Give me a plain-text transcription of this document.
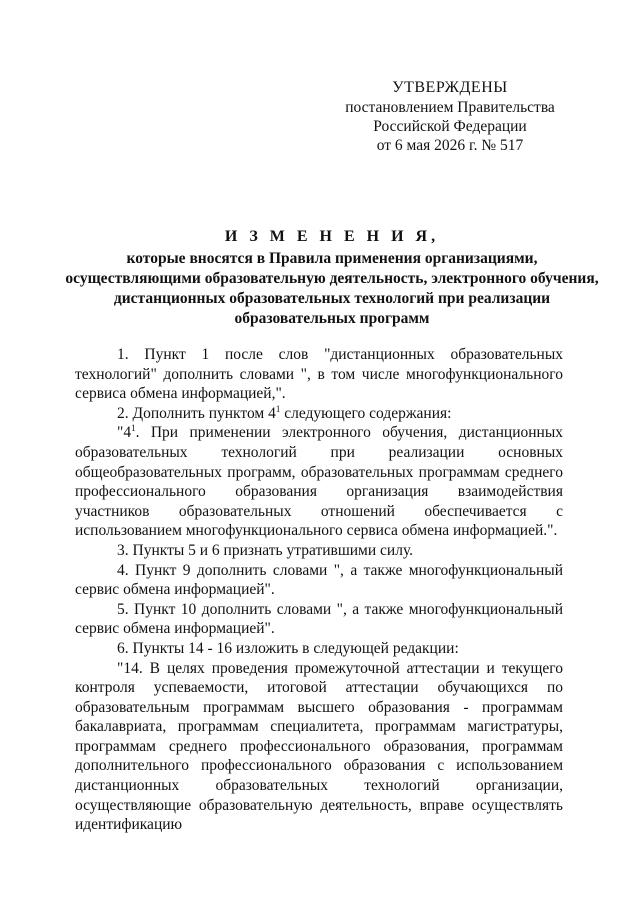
УТВЕРЖДЕНЫ
постановлением Правительства
Российской Федерации
от 6 мая 2026 г. № 517
И З М Е Н Е Н И Я,
которые вносятся в Правила применения организациями, осуществляющими образовательную деятельность, электронного обучения, дистанционных образовательных технологий при реализации образовательных программ

1. Пункт 1 после слов "дистанционных образовательных технологий" дополнить словами ", в том числе многофункционального сервиса обмена информацией,".

2. Дополнить пунктом $4^1$ следующего содержания:

"$4^1$. При применении электронного обучения, дистанционных образовательных технологий при реализации основных общеобразовательных программ, образовательных программам среднего профессионального образования организация взаимодействия участников образовательных отношений обеспечивается с использованием многофункционального сервиса обмена информацией.".

3. Пункты 5 и 6 признать утратившими силу.

4. Пункт 9 дополнить словами ", а также многофункциональный сервис обмена информацией".

5. Пункт 10 дополнить словами ", а также многофункциональный сервис обмена информацией".

6. Пункты 14 - 16 изложить в следующей редакции:

"14. В целях проведения промежуточной аттестации и текущего контроля успеваемости, итоговой аттестации обучающихся по образовательным программам высшего образования - программам бакалавриата, программам специалитета, программам магистратуры, программам среднего профессионального образования, программам дополнительного профессионального образования с использованием дистанционных образовательных технологий организации, осуществляющие образовательную деятельность, вправе осуществлять идентификацию
